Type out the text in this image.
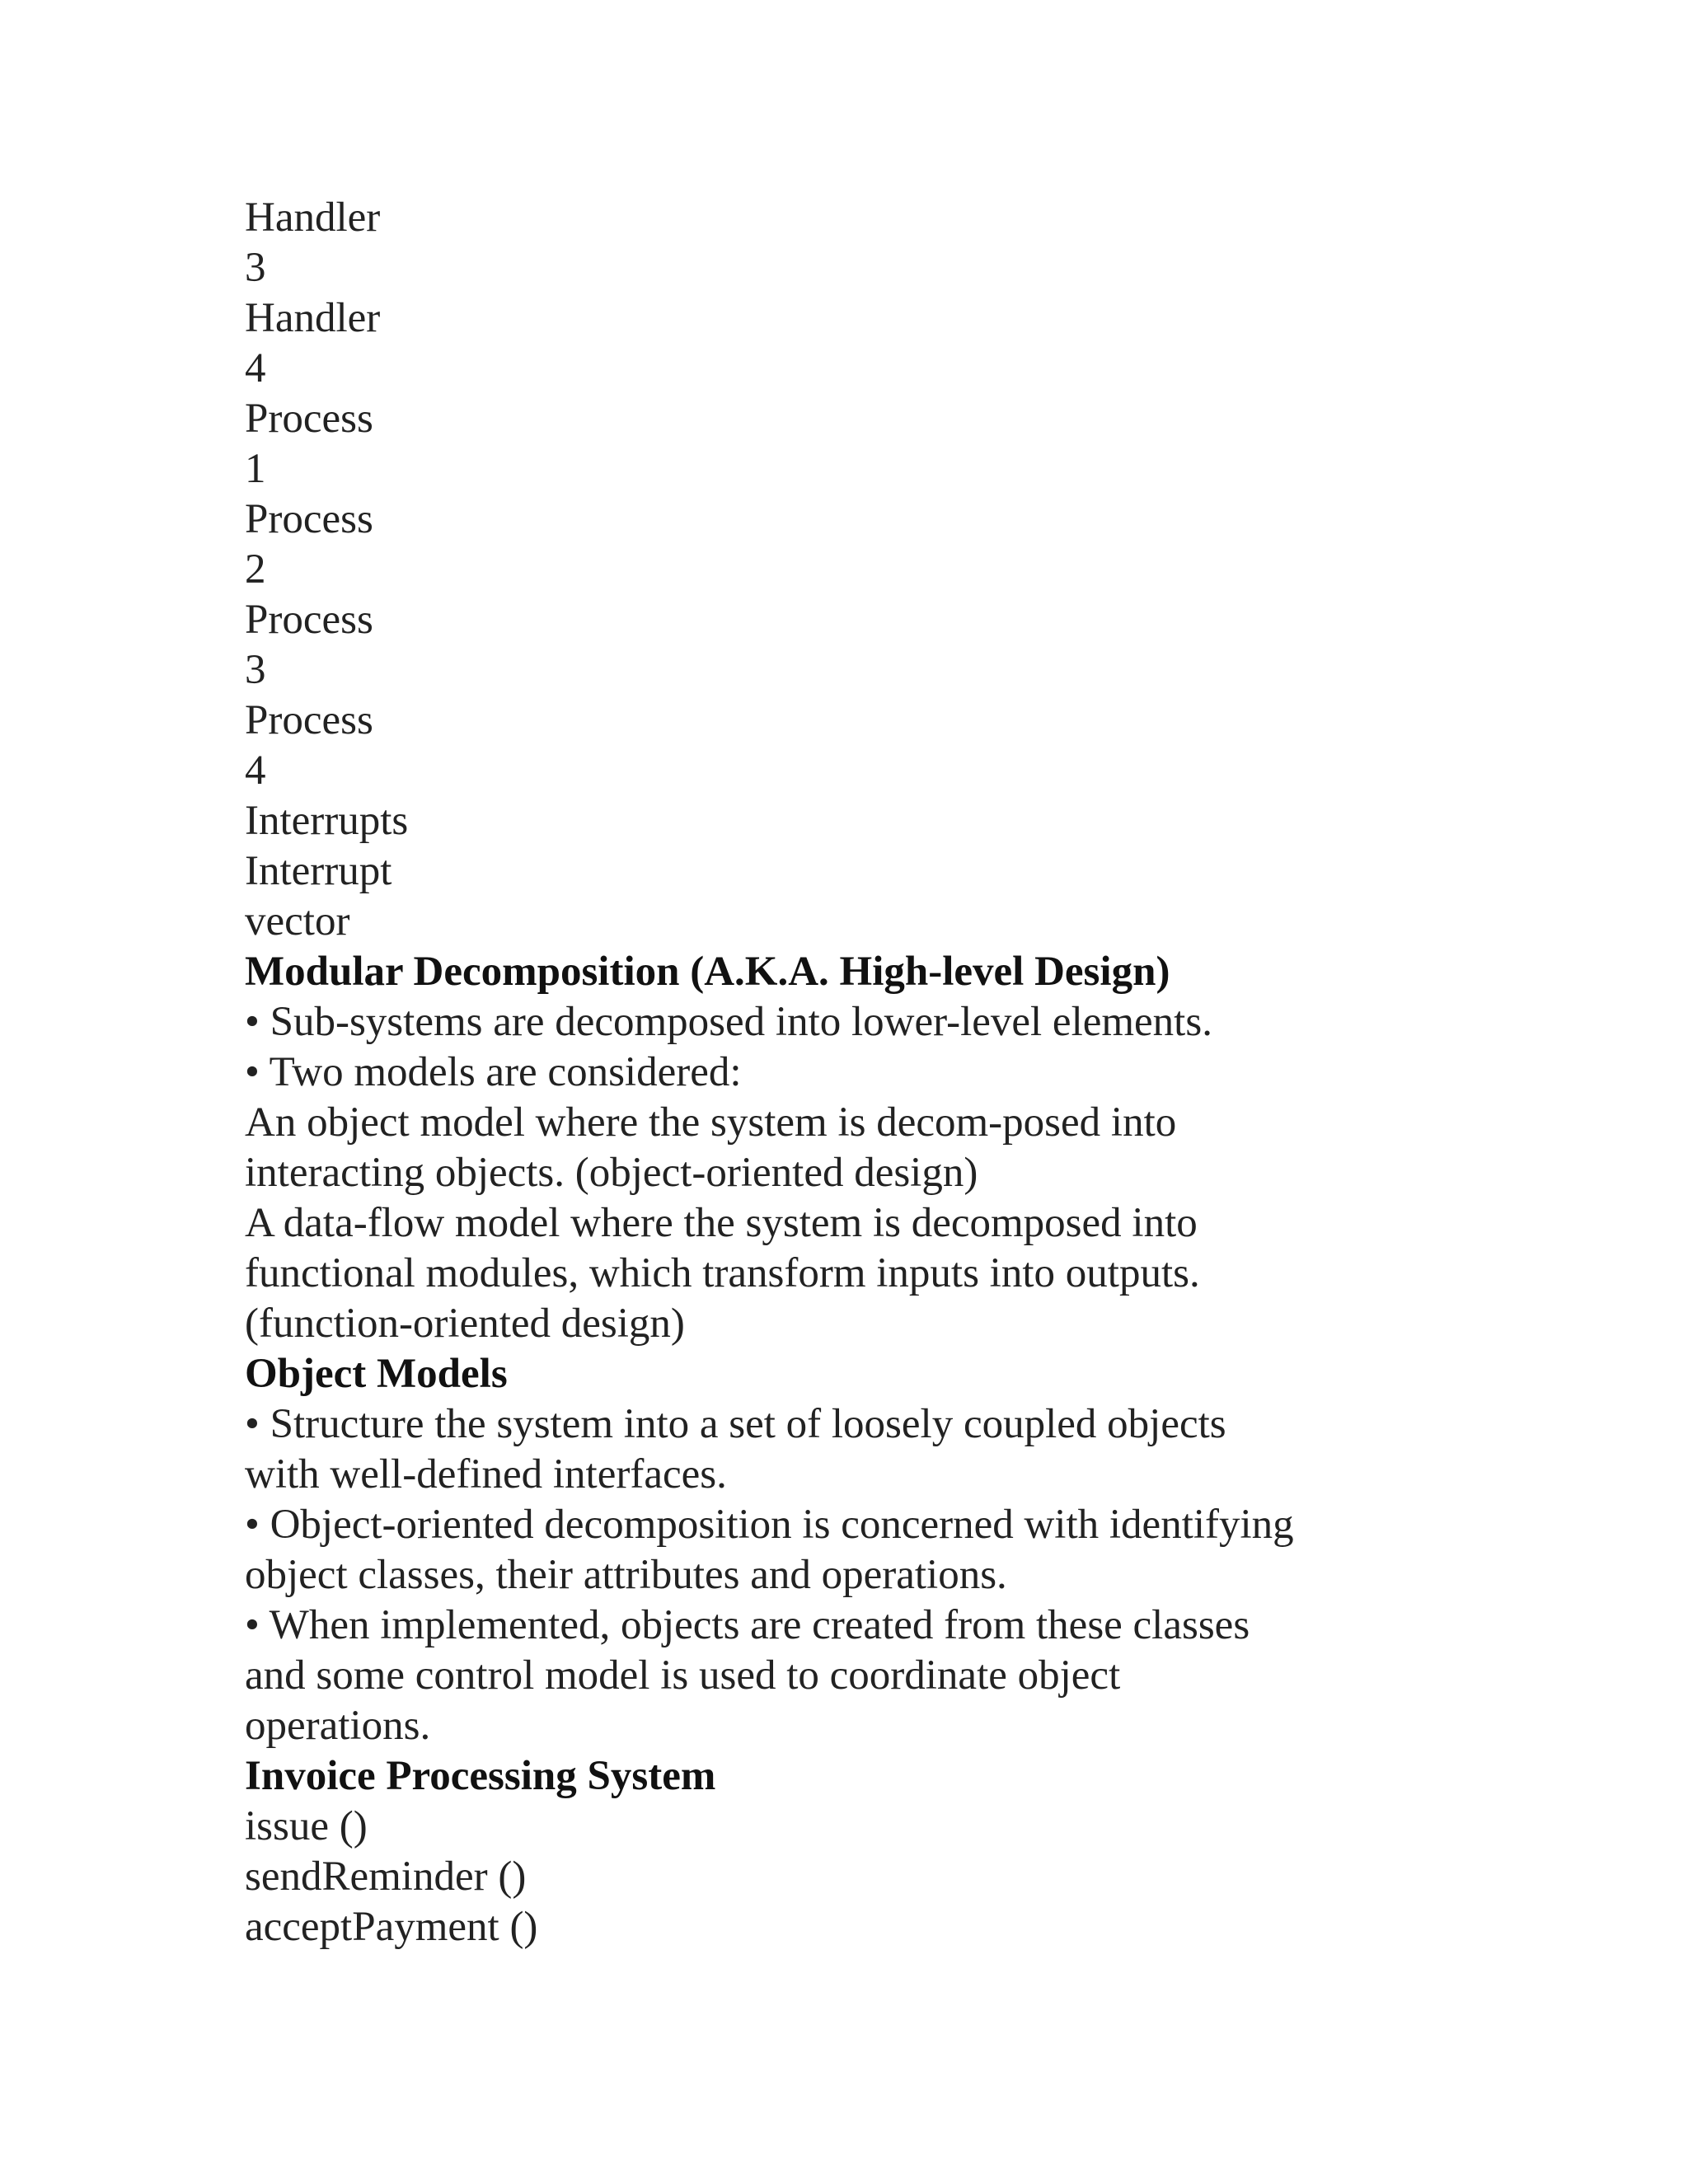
Handler
3
Handler
4
Process
1
Process
2
Process
3
Process
4
Interrupts
Interrupt
vector
Modular Decomposition (A.K.A. High-level Design)
• Sub-systems are decomposed into lower-level elements.
• Two models are considered:
An object model where the system is decom-posed into
interacting objects. (object-oriented design)
A data-flow model where the system is decomposed into
functional modules, which transform inputs into outputs.
(function-oriented design)
Object Models
• Structure the system into a set of loosely coupled objects
with well-defined interfaces.
• Object-oriented decomposition is concerned with identifying
object classes, their attributes and operations.
• When implemented, objects are created from these classes
and some control model is used to coordinate object
operations.
Invoice Processing System
issue ()
sendReminder ()
acceptPayment ()
